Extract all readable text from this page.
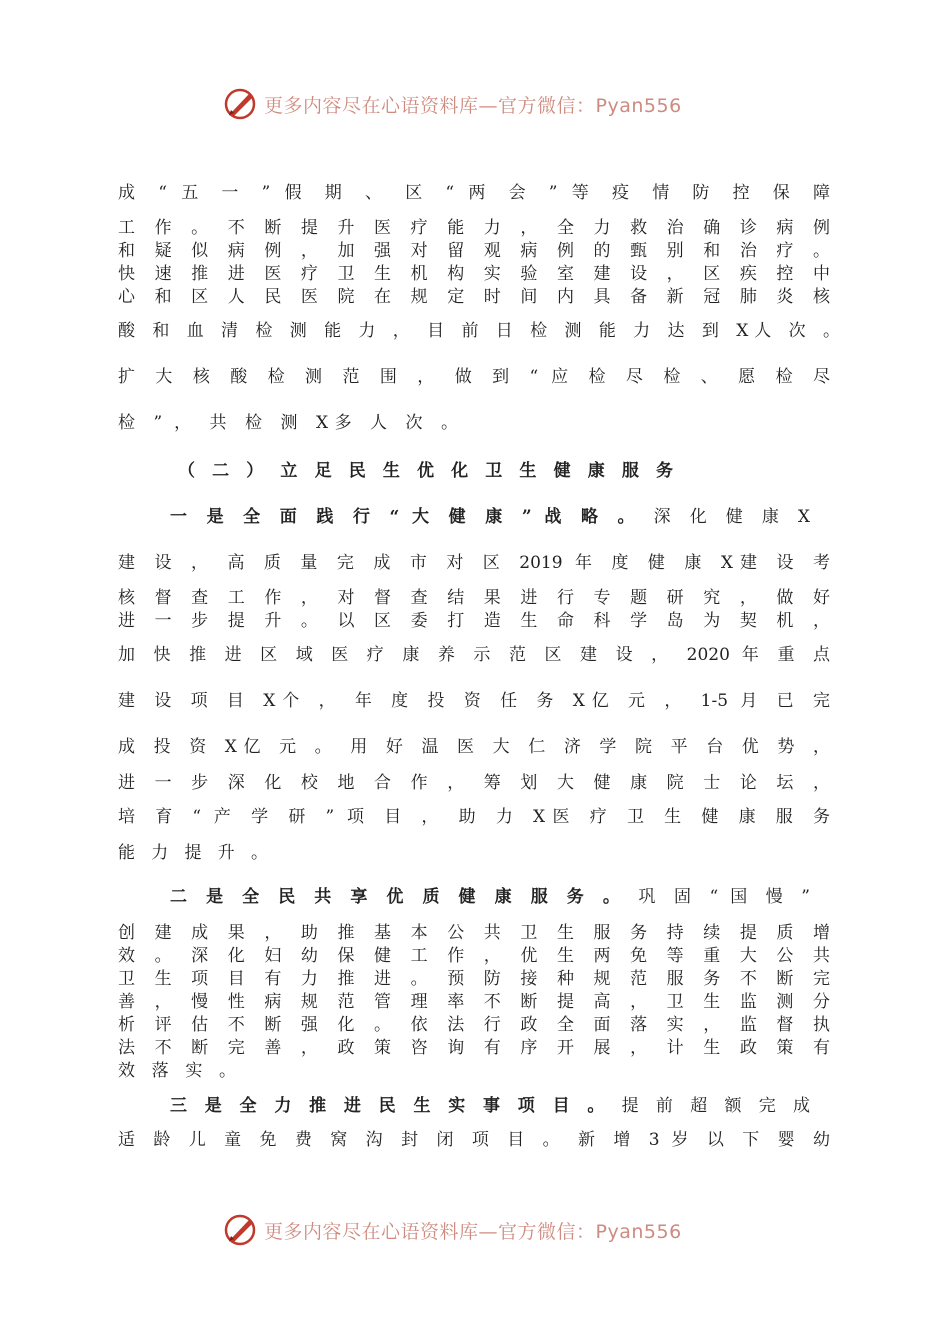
更多内容尽在心语资料库—官方微信：Pyan556
成 “ 五 一 ” 假 期 、 区 “ 两 会 ” 等 疫 情 防 控 保 障
工 作 。 不 断 提 升 医 疗 能 力 ， 全 力 救 治 确 诊 病 例
和 疑 似 病 例 ， 加 强 对 留 观 病 例 的 甄 别 和 治 疗 。
快 速 推 进 医 疗 卫 生 机 构 实 验 室 建 设 ， 区 疾 控 中
心 和 区 人 民 医 院 在 规 定 时 间 内 具 备 新 冠 肺 炎 核
酸 和 血 清 检 测 能 力 ， 目 前 日 检 测 能 力 达 到 X人 次 。
扩 大 核 酸 检 测 范 围 ， 做 到 “ 应 检 尽 检 、 愿 检 尽
检 ” ， 共 检 测 X多 人 次 。
（ 二 ） 立 足 民 生 优 化 卫 生 健 康 服 务
一 是 全 面 践 行 “ 大 健 康 ” 战 略 。 深 化 健 康 X
建 设 ， 高 质 量 完 成 市 对 区 2019 年 度 健 康 X建 设 考
核 督 查 工 作 ， 对 督 查 结 果 进 行 专 题 研 究 ， 做 好
进 一 步 提 升 。 以 区 委 打 造 生 命 科 学 岛 为 契 机 ，
加 快 推 进 区 域 医 疗 康 养 示 范 区 建 设 ， 2020 年 重 点
建 设 项 目 X个 ， 年 度 投 资 任 务 X亿 元 ， 1-5 月 已 完
成 投 资 X亿 元 。 用 好 温 医 大 仁 济 学 院 平 台 优 势 ，
进 一 步 深 化 校 地 合 作 ， 筹 划 大 健 康 院 士 论 坛 ，
培 育 “ 产 学 研 ” 项 目 ， 助 力 X医 疗 卫 生 健 康 服 务
能 力 提 升 。
二 是 全 民 共 享 优 质 健 康 服 务 。 巩 固 “ 国 慢 ”
创 建 成 果 ， 助 推 基 本 公 共 卫 生 服 务 持 续 提 质 增
效 。 深 化 妇 幼 保 健 工 作 ， 优 生 两 免 等 重 大 公 共
卫 生 项 目 有 力 推 进 。 预 防 接 种 规 范 服 务 不 断 完
善 ， 慢 性 病 规 范 管 理 率 不 断 提 高 ， 卫 生 监 测 分
析 评 估 不 断 强 化 。 依 法 行 政 全 面 落 实 ， 监 督 执
法 不 断 完 善 ， 政 策 咨 询 有 序 开 展 ， 计 生 政 策 有
效 落 实 。
三 是 全 力 推 进 民 生 实 事 项 目 。 提 前 超 额 完 成
适 龄 儿 童 免 费 窝 沟 封 闭 项 目 。 新 增 3 岁 以 下 婴 幼
更多内容尽在心语资料库—官方微信：Pyan556
